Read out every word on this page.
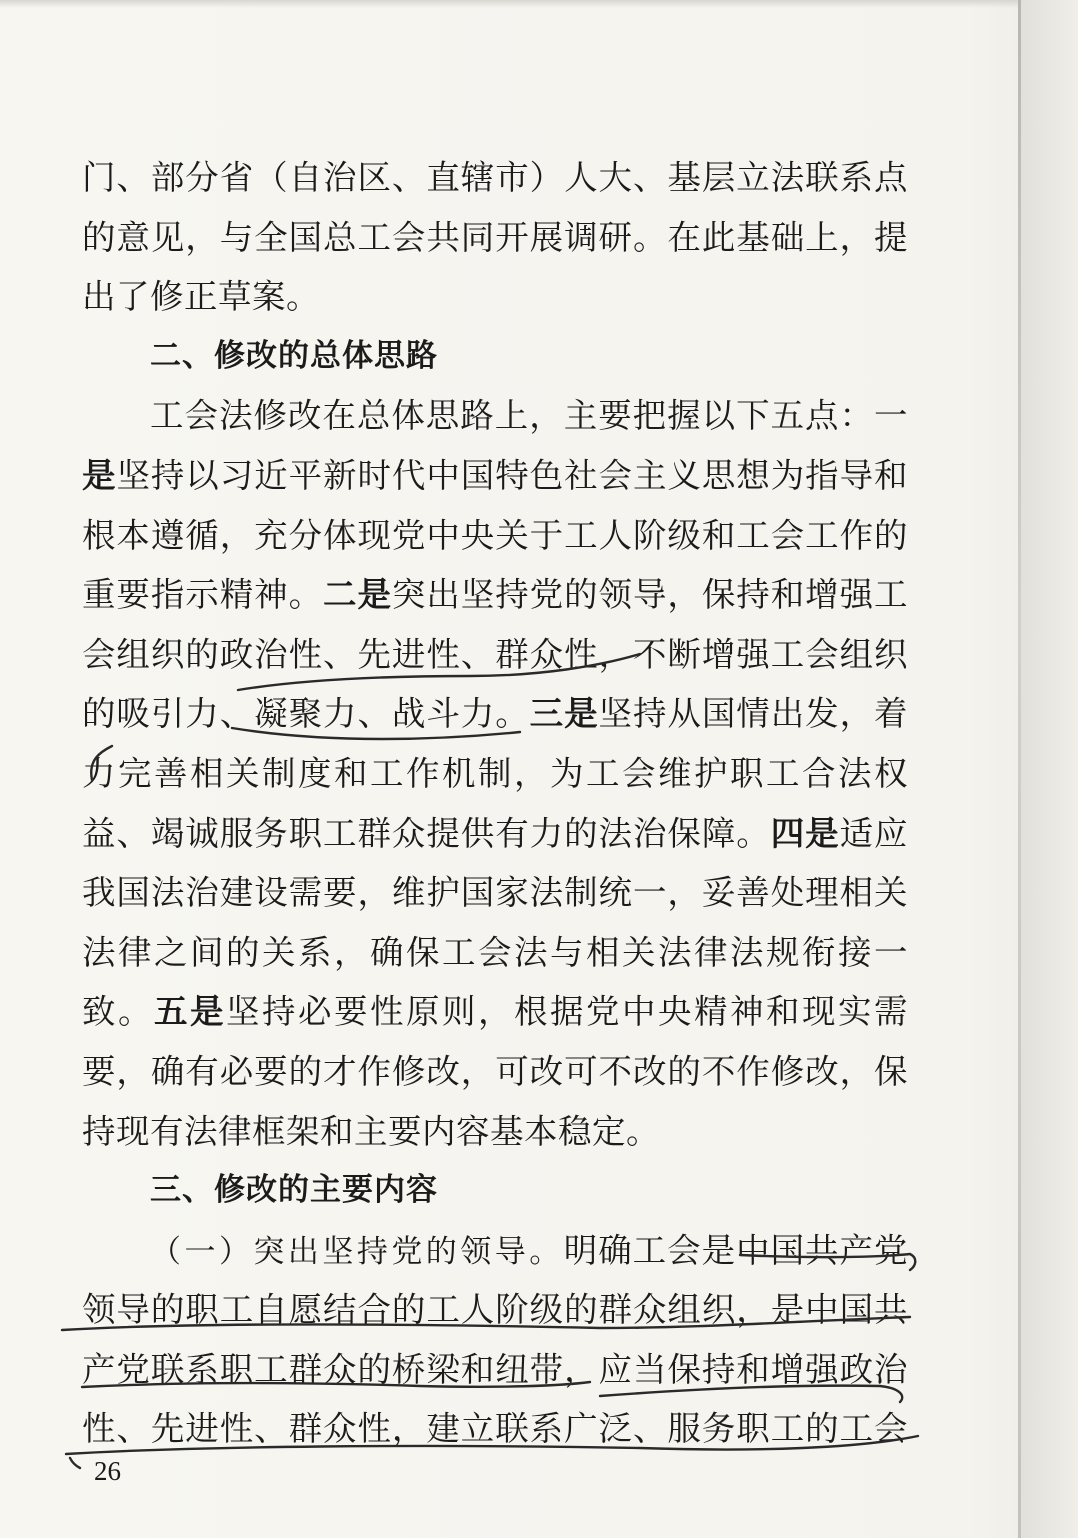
门、部分省（自治区、直辖市）人大、基层立法联系点
的意见，与全国总工会共同开展调研。在此基础上，提
出了修正草案。
二、修改的总体思路
工会法修改在总体思路上，主要把握以下五点：一
是坚持以习近平新时代中国特色社会主义思想为指导和
根本遵循，充分体现党中央关于工人阶级和工会工作的
重要指示精神。二是突出坚持党的领导，保持和增强工
会组织的政治性、先进性、群众性，不断增强工会组织
的吸引力、凝聚力、战斗力。三是坚持从国情出发，着
力完善相关制度和工作机制，为工会维护职工合法权
益、竭诚服务职工群众提供有力的法治保障。四是适应
我国法治建设需要，维护国家法制统一，妥善处理相关
法律之间的关系，确保工会法与相关法律法规衔接一
致。五是坚持必要性原则，根据党中央精神和现实需
要，确有必要的才作修改，可改可不改的不作修改，保
持现有法律框架和主要内容基本稳定。
三、修改的主要内容
（一）突出坚持党的领导。明确工会是中国共产党
领导的职工自愿结合的工人阶级的群众组织，是中国共
产党联系职工群众的桥梁和纽带，应当保持和增强政治
性、先进性、群众性，建立联系广泛、服务职工的工会
26
